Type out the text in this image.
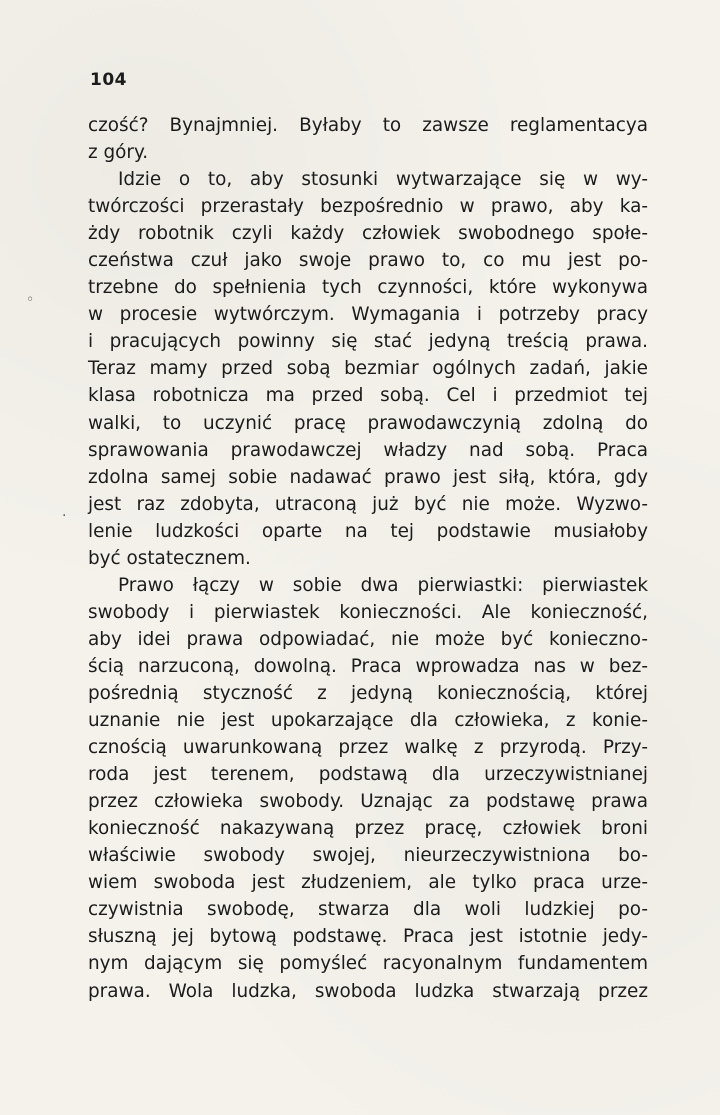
104
◦
·
czość? Bynajmniej. Byłaby to zawsze reglamentacya
z góry.
Idzie o to, aby stosunki wytwarzające się w wy-
twórczości przerastały bezpośrednio w prawo, aby ka-
żdy robotnik czyli każdy człowiek swobodnego społe-
czeństwa czuł jako swoje prawo to, co mu jest po-
trzebne do spełnienia tych czynności, które wykonywa
w procesie wytwórczym. Wymagania i potrzeby pracy
i pracujących powinny się stać jedyną treścią prawa.
Teraz mamy przed sobą bezmiar ogólnych zadań, jakie
klasa robotnicza ma przed sobą. Cel i przedmiot tej
walki, to uczynić pracę prawodawczynią zdolną do
sprawowania prawodawczej władzy nad sobą. Praca
zdolna samej sobie nadawać prawo jest siłą, która, gdy
jest raz zdobyta, utraconą już być nie może. Wyzwo-
lenie ludzkości oparte na tej podstawie musiałoby
być ostatecznem.
Prawo łączy w sobie dwa pierwiastki: pierwiastek
swobody i pierwiastek konieczności. Ale konieczność,
aby idei prawa odpowiadać, nie może być konieczno-
ścią narzuconą, dowolną. Praca wprowadza nas w bez-
pośrednią styczność z jedyną koniecznością, której
uznanie nie jest upokarzające dla człowieka, z konie-
cznością uwarunkowaną przez walkę z przyrodą. Przy-
roda jest terenem, podstawą dla urzeczywistnianej
przez człowieka swobody. Uznając za podstawę prawa
konieczność nakazywaną przez pracę, człowiek broni
właściwie swobody swojej, nieurzeczywistniona bo-
wiem swoboda jest złudzeniem, ale tylko praca urze-
czywistnia swobodę, stwarza dla woli ludzkiej po-
słuszną jej bytową podstawę. Praca jest istotnie jedy-
nym dającym się pomyśleć racyonalnym fundamentem
prawa. Wola ludzka, swoboda ludzka stwarzają przez
